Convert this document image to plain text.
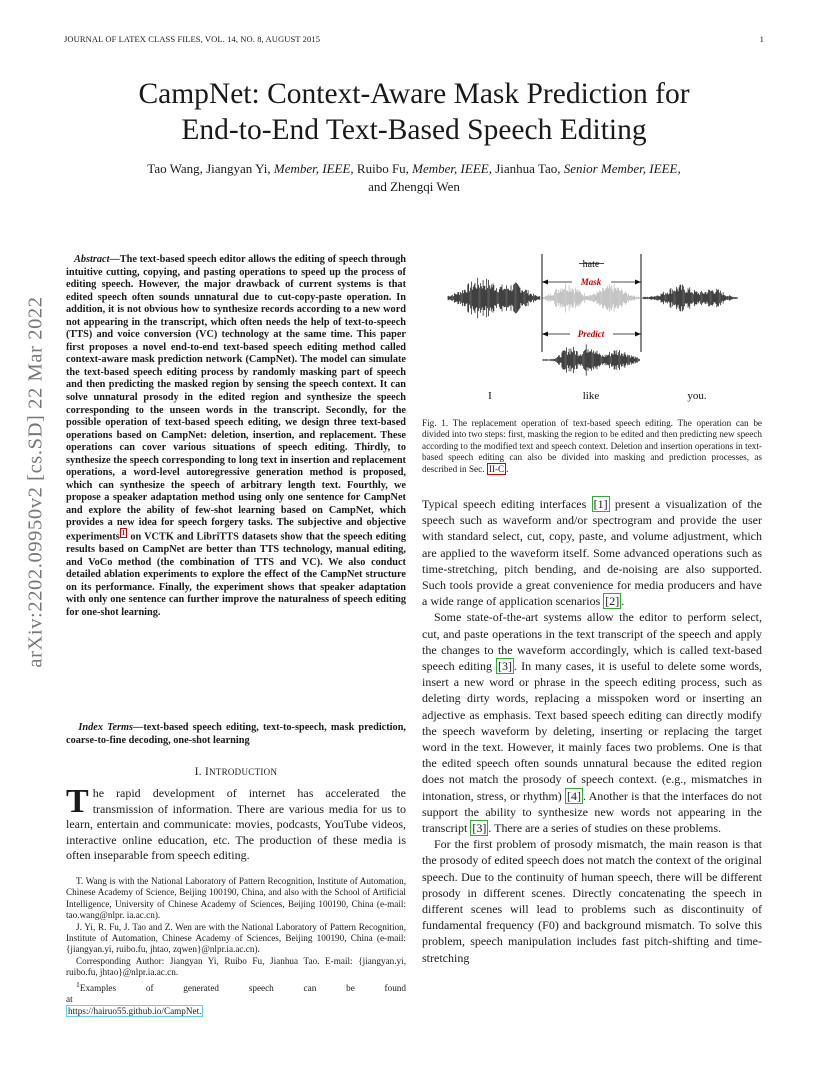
JOURNAL OF LATEX CLASS FILES, VOL. 14, NO. 8, AUGUST 2015	1
arXiv:2202.09950v2 [cs.SD] 22 Mar 2022
CampNet: Context-Aware Mask Prediction for
End-to-End Text-Based Speech Editing
Tao Wang, Jiangyan Yi, Member, IEEE, Ruibo Fu, Member, IEEE, Jianhua Tao, Senior Member, IEEE,
and Zhengqi Wen
Abstract—The text-based speech editor allows the editing of speech through intuitive cutting, copying, and pasting operations to speed up the process of editing speech. However, the major drawback of current systems is that edited speech often sounds unnatural due to cut-copy-paste operation. In addition, it is not obvious how to synthesize records according to a new word not appearing in the transcript, which often needs the help of text-to-speech (TTS) and voice conversion (VC) technology at the same time. This paper first proposes a novel end-to-end text-based speech editing method called context-aware mask prediction network (CampNet). The model can simulate the text-based speech editing process by randomly masking part of speech and then predicting the masked region by sensing the speech context. It can solve unnatural prosody in the edited region and synthesize the speech corresponding to the unseen words in the transcript. Secondly, for the possible operation of text-based speech editing, we design three text-based operations based on CampNet: deletion, insertion, and replacement. These operations can cover various situations of speech editing. Thirdly, to synthesize the speech corresponding to long text in insertion and replacement operations, a word-level autoregressive generation method is proposed, which can synthesize the speech of arbitrary length text. Fourthly, we propose a speaker adaptation method using only one sentence for CampNet and explore the ability of few-shot learning based on CampNet, which provides a new idea for speech forgery tasks. The subjective and objective experiments $^1$ on VCTK and LibriTTS datasets show that the speech editing results based on CampNet are better than TTS technology, manual editing, and VoCo method (the combination of TTS and VC). We also conduct detailed ablation experiments to explore the effect of the CampNet structure on its performance. Finally, the experiment shows that speaker adaptation with only one sentence can further improve the naturalness of speech editing for one-shot learning.
Index Terms—text-based speech editing, text-to-speech, mask prediction, coarse-to-fine decoding, one-shot learning
I. INTRODUCTION
The rapid development of internet has accelerated the transmission of information. There are various media for us to learn, entertain and communicate: movies, podcasts, YouTube videos, interactive online education, etc. The production of these media is often inseparable from speech editing.

T. Wang is with the National Laboratory of Pattern Recognition, Institute of Automation, Chinese Academy of Science, Beijing 100190, China, and also with the School of Artificial Intelligence, University of Chinese Academy of Sciences, Beijing 100190, China (e-mail: tao.wang@nlpr. ia.ac.cn).

J. Yi, R. Fu, J. Tao and Z. Wen are with the National Laboratory of Pattern Recognition, Institute of Automation, Chinese Academy of Sciences, Beijing 100190, China (e-mail: {jiangyan.yi, ruibo.fu, jhtao, zqwen}@nlpr.ia.ac.cn).

Corresponding Author: Jiangyan Yi, Ruibo Fu, Jianhua Tao. E-mail: {jiangyan.yi, ruibo.fu, jhtao}@nlpr.ia.ac.cn.

$^1$Examples of generated speech can be found at
https://hairuo55.github.io/CampNet.

hate
Mask
Predict
I	like	you.
Fig. 1. The replacement operation of text-based speech editing. The operation can be divided into two steps: first, masking the region to be edited and then predicting new speech according to the modified text and speech context. Deletion and insertion operations in text-based speech editing can also be divided into masking and prediction processes, as described in Sec. II-C .

Typical speech editing interfaces [1] present a visualization of the speech such as waveform and/or spectrogram and provide the user with standard select, cut, copy, paste, and volume adjustment, which are applied to the waveform itself. Some advanced operations such as time-stretching, pitch bending, and de-noising are also supported. Such tools provide a great convenience for media producers and have a wide range of application scenarios [2] .

Some state-of-the-art systems allow the editor to perform select, cut, and paste operations in the text transcript of the speech and apply the changes to the waveform accordingly, which is called text-based speech editing [3] . In many cases, it is useful to delete some words, insert a new word or phrase in the speech editing process, such as deleting dirty words, replacing a misspoken word or inserting an adjective as emphasis. Text based speech editing can directly modify the speech waveform by deleting, inserting or replacing the target word in the text. However, it mainly faces two problems. One is that the edited speech often sounds unnatural because the edited region does not match the prosody of speech context. (e.g., mismatches in intonation, stress, or rhythm) [4] . Another is that the interfaces do not support the ability to synthesize new words not appearing in the transcript [3] . There are a series of studies on these problems.

For the first problem of prosody mismatch, the main reason is that the prosody of edited speech does not match the context of the original speech. Due to the continuity of human speech, there will be different prosody in different scenes. Directly concatenating the speech in different scenes will lead to problems such as discontinuity of fundamental frequency (F0) and background mismatch. To solve this problem, speech manipulation includes fast pitch-shifting and time-stretching
